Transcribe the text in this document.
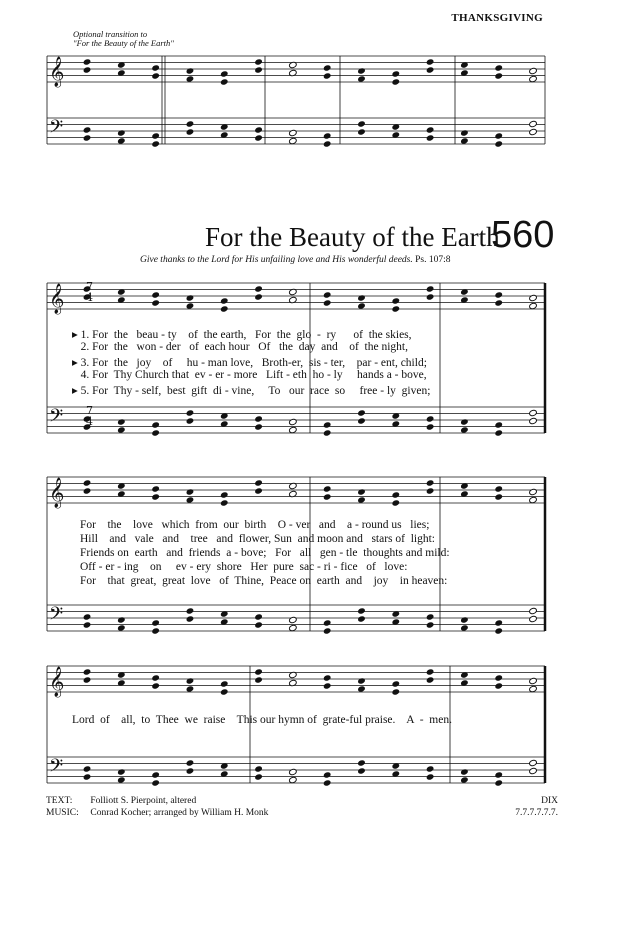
THANKSGIVING
Optional transition to
"For the Beauty of the Earth"
𝄞
𝄢
𝄞
𝄢
𝄞
𝄢
𝄞
𝄢
7
4
7
4
For the Beauty of the Earth
560
Give thanks to the Lord for His unfailing love and His wonderful deeds. Ps. 107:8
▸ 1. For  the   beau - ty    of  the earth,   For  the  glo  -  ry      of  the skies,
2. For  the   won - der   of  each hour   Of   the  day  and    of  the night,
▸ 3. For  the   joy    of     hu - man love,   Broth-er,  sis - ter,    par - ent, child;
4. For  Thy Church that  ev - er - more   Lift - eth  ho - ly     hands a - bove,
▸ 5. For  Thy - self,  best  gift  di - vine,     To   our  race  so     free - ly  given;
For    the    love   which  from  our  birth    O - ver   and    a - round us   lies;
Hill    and   vale   and    tree   and  flower, Sun  and moon and   stars of  light:
Friends on  earth   and  friends  a - bove;   For   all   gen - tle  thoughts and mild:
Off - er - ing    on     ev - ery  shore   Her  pure  sac - ri - fice   of   love:
For    that  great,  great  love   of  Thine,  Peace on  earth  and    joy    in heaven:
Lord  of    all,  to  Thee  we  raise    This our hymn of  grate-ful praise.    A  -  men.
TEXT: Folliott S. Pierpoint, altered
MUSIC: Conrad Kocher; arranged by William H. Monk
DIX
7.7.7.7.7.7.
